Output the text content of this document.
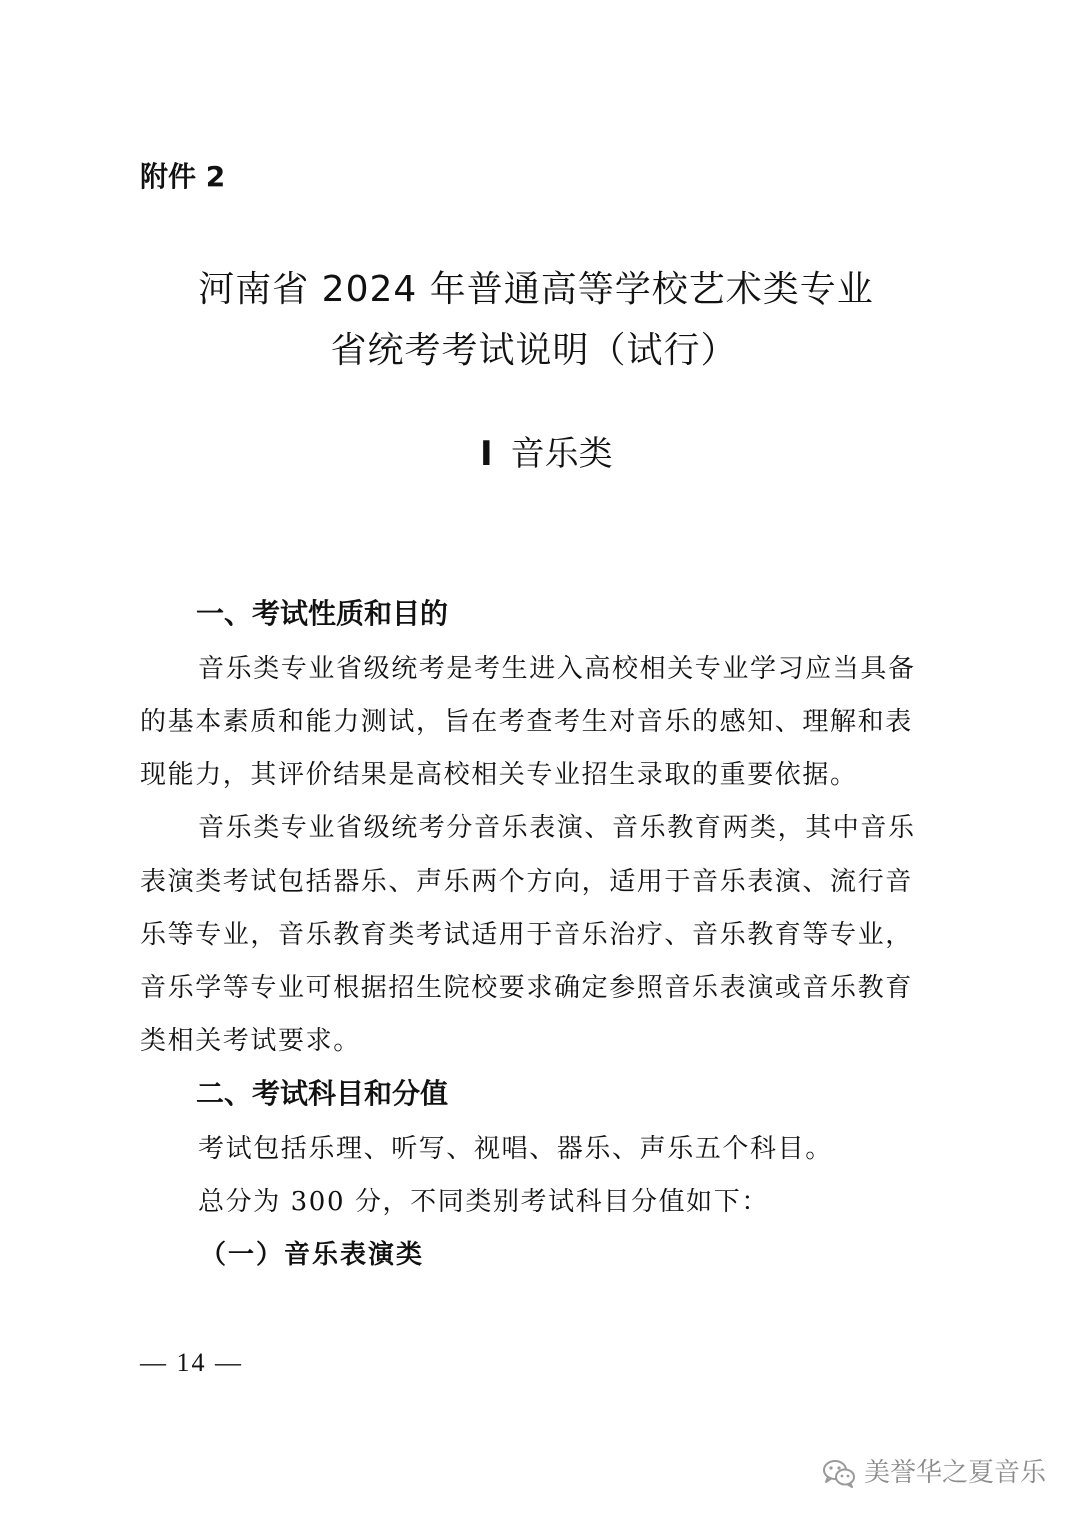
附件 2
河南省 2024 年普通高等学校艺术类专业
省统考考试说明（试行）
I 音乐类
一、考试性质和目的
音乐类专业省级统考是考生进入高校相关专业学习应当具备
的基本素质和能力测试，旨在考查考生对音乐的感知、理解和表
现能力，其评价结果是高校相关专业招生录取的重要依据。
音乐类专业省级统考分音乐表演、音乐教育两类，其中音乐
表演类考试包括器乐、声乐两个方向，适用于音乐表演、流行音
乐等专业，音乐教育类考试适用于音乐治疗、音乐教育等专业，
音乐学等专业可根据招生院校要求确定参照音乐表演或音乐教育
类相关考试要求。
二、考试科目和分值
考试包括乐理、听写、视唱、器乐、声乐五个科目。
总分为 300 分，不同类别考试科目分值如下：
（一）音乐表演类
— 14 —
美誉华之夏音乐
